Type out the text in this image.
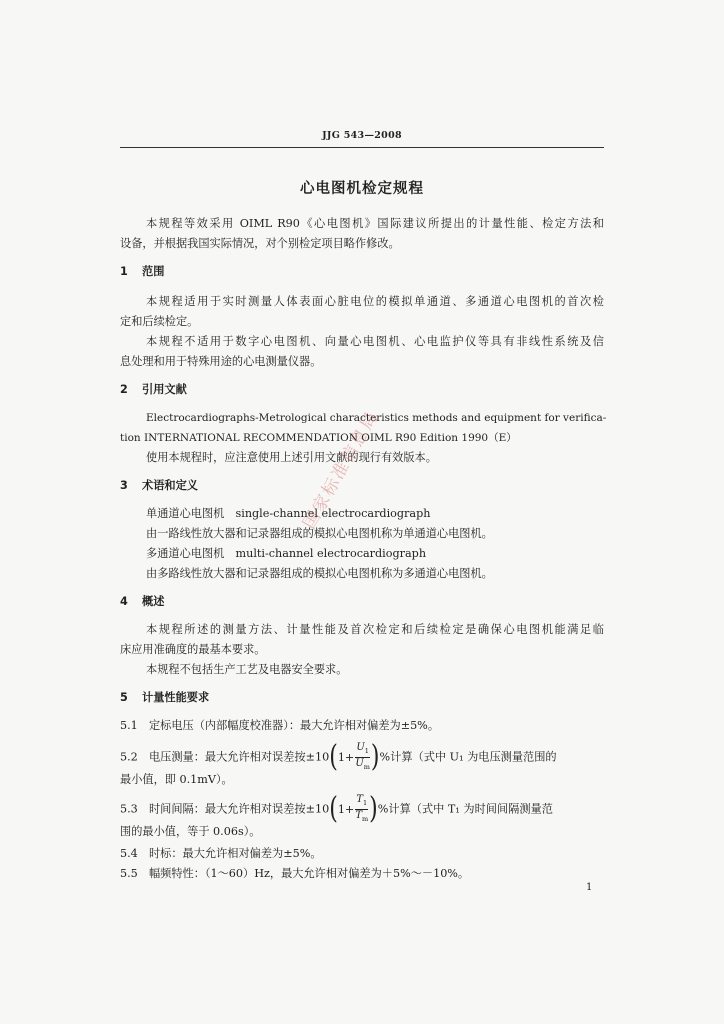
JJG 543—2008
心电图机检定规程
本规程等效采用 OIML R90《心电图机》国际建议所提出的计量性能、检定方法和
设备，并根据我国实际情况，对个别检定项目略作修改。
1 范围
本规程适用于实时测量人体表面心脏电位的模拟单通道、多通道心电图机的首次检
定和后续检定。
本规程不适用于数字心电图机、向量心电图机、心电监护仪等具有非线性系统及信
息处理和用于特殊用途的心电测量仪器。
2 引用文献
Electrocardiographs-Metrological characteristics methods and equipment for verifica-
tion INTERNATIONAL RECOMMENDATION OIML R90 Edition 1990（E）
使用本规程时，应注意使用上述引用文献的现行有效版本。
3 术语和定义
单通道心电图机　single-channel electrocardiograph
由一路线性放大器和记录器组成的模拟心电图机称为单通道心电图机。
多通道心电图机　multi-channel electrocardiograph
由多路线性放大器和记录器组成的模拟心电图机称为多通道心电图机。
4 概述
本规程所述的测量方法、计量性能及首次检定和后续检定是确保心电图机能满足临
床应用准确度的最基本要求。
本规程不包括生产工艺及电器安全要求。
5 计量性能要求
5.1　定标电压（内部幅度校准器）：最大允许相对偏差为±5%。
5.2　电压测量：最大允许相对误差按±10 ( $1+ \frac{U_1}{U_m}$ ) %计算（式中 U₁ 为电压测量范围的
最小值，即 0.1mV）。
5.3　时间间隔：最大允许相对误差按±10 ( $1+ \frac{T_1}{T_m}$ ) %计算（式中 T₁ 为时间间隔测量范
围的最小值，等于 0.06s）。
5.4　时标：最大允许相对偏差为±5%。
5.5　幅频特性：（1～60）Hz，最大允许相对偏差为＋5%～－10%。
1
国家标准信息局
